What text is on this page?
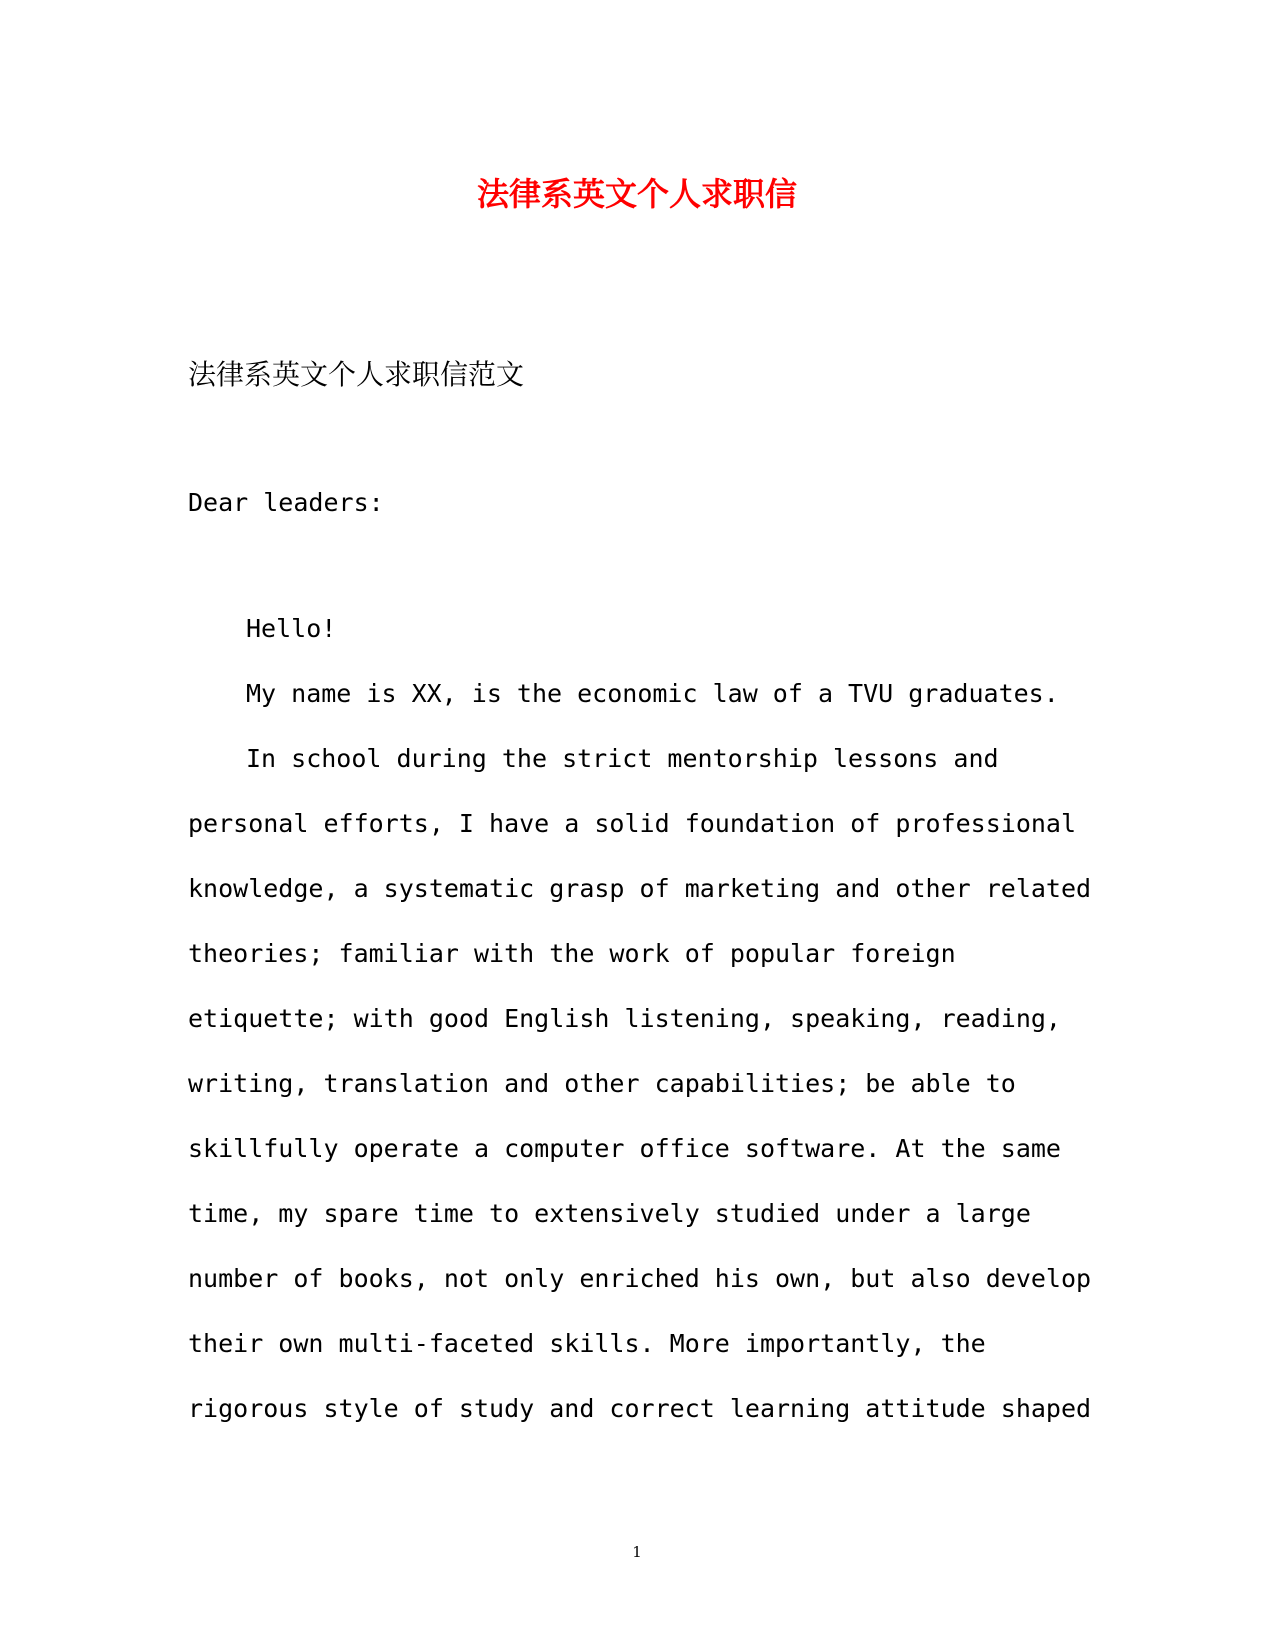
法律系英文个人求职信

法律系英文个人求职信范文

Dear leaders:

Hello!

My name is XX, is the economic law of a TVU graduates.

In school during the strict mentorship lessons and

personal efforts, I have a solid foundation of professional

knowledge, a systematic grasp of marketing and other related

theories; familiar with the work of popular foreign

etiquette; with good English listening, speaking, reading,

writing, translation and other capabilities; be able to

skillfully operate a computer office software. At the same

time, my spare time to extensively studied under a large

number of books, not only enriched his own, but also develop

their own multi-faceted skills. More importantly, the

rigorous style of study and correct learning attitude shaped

1
